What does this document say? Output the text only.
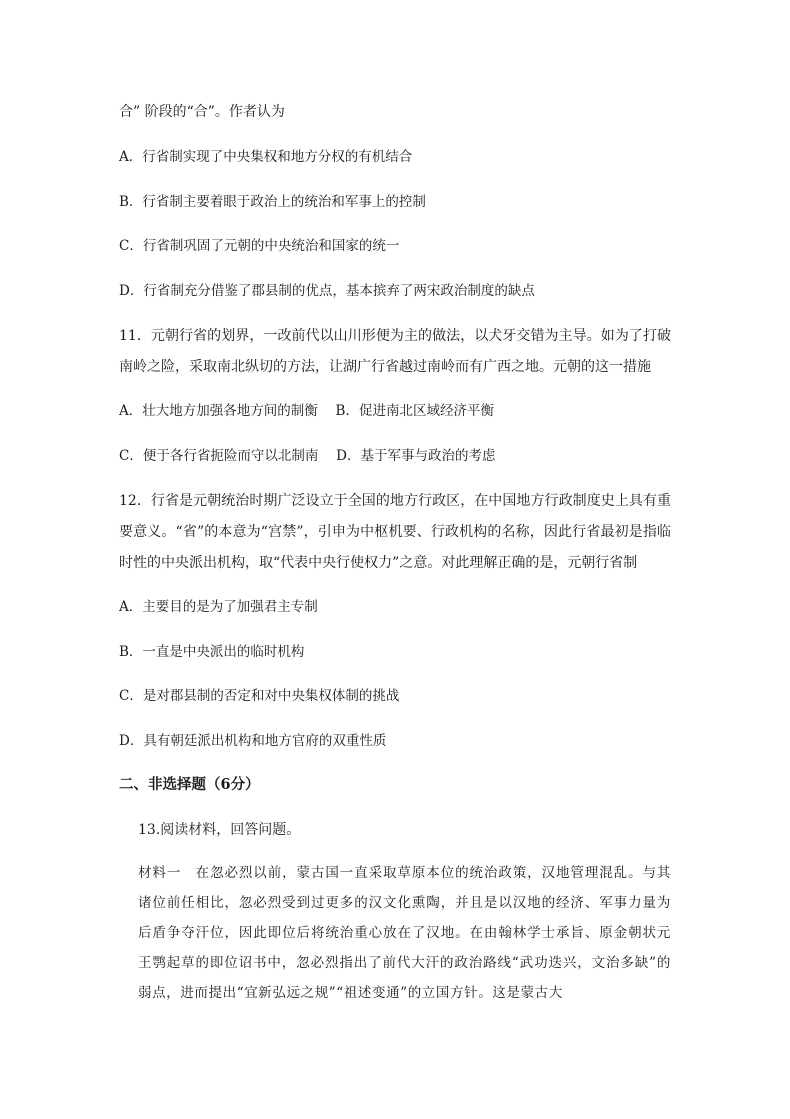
合” 阶段的“合”。作者认为
A．行省制实现了中央集权和地方分权的有机结合
B．行省制主要着眼于政治上的统治和军事上的控制
C．行省制巩固了元朝的中央统治和国家的统一
D．行省制充分借鉴了郡县制的优点，基本摈弃了两宋政治制度的缺点
11．元朝行省的划界，一改前代以山川形便为主的做法，以犬牙交错为主导。如为了打破南岭之险，采取南北纵切的方法，让湖广行省越过南岭而有广西之地。元朝的这一措施
A．壮大地方加强各地方间的制衡　 B．促进南北区域经济平衡
C．便于各行省扼险而守以北制南　 D．基于军事与政治的考虑
12．行省是元朝统治时期广泛设立于全国的地方行政区，在中国地方行政制度史上具有重要意义。“省”的本意为“宫禁”，引申为中枢机要、行政机构的名称，因此行省最初是指临时性的中央派出机构，取“代表中央行使权力”之意。对此理解正确的是，元朝行省制
A．主要目的是为了加强君主专制
B．一直是中央派出的临时机构
C．是对郡县制的否定和对中央集权体制的挑战
D．具有朝廷派出机构和地方官府的双重性质
二、非选择题（6分）
13.阅读材料，回答问题。
材料一　在忽必烈以前，蒙古国一直采取草原本位的统治政策，汉地管理混乱。与其诸位前任相比，忽必烈受到过更多的汉文化熏陶，并且是以汉地的经济、军事力量为后盾争夺汗位，因此即位后将统治重心放在了汉地。在由翰林学士承旨、原金朝状元王鹗起草的即位诏书中，忽必烈指出了前代大汗的政治路线“武功迭兴，文治多缺”的弱点，进而提出“宜新弘远之规”“祖述变通”的立国方针。这是蒙古大
